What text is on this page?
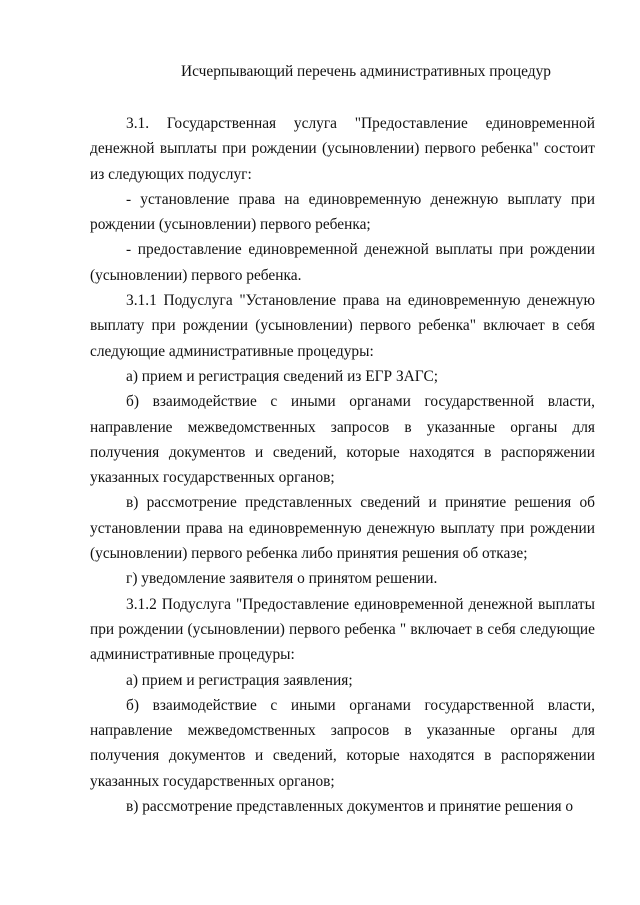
Исчерпывающий перечень административных процедур

3.1. Государственная услуга "Предоставление единовременной денежной выплаты при рождении (усыновлении) первого ребенка" состоит из следующих подуслуг:

- установление права на единовременную денежную выплату при рождении (усыновлении) первого ребенка;

- предоставление единовременной денежной выплаты при рождении (усыновлении) первого ребенка.

3.1.1 Подуслуга "Установление права на единовременную денежную выплату при рождении (усыновлении) первого ребенка" включает в себя следующие административные процедуры:

а) прием и регистрация сведений из ЕГР ЗАГС;

б) взаимодействие с иными органами государственной власти, направление межведомственных запросов в указанные органы для получения документов и сведений, которые находятся в распоряжении указанных государственных органов;

в) рассмотрение представленных сведений и принятие решения об установлении права на единовременную денежную выплату при рождении (усыновлении) первого ребенка либо принятия решения об отказе;

г) уведомление заявителя о принятом решении.

3.1.2 Подуслуга "Предоставление единовременной денежной выплаты при рождении (усыновлении) первого ребенка " включает в себя следующие административные процедуры:

а) прием и регистрация заявления;

б) взаимодействие с иными органами государственной власти, направление межведомственных запросов в указанные органы для получения документов и сведений, которые находятся в распоряжении указанных государственных органов;

в) рассмотрение представленных документов и принятие решения о
